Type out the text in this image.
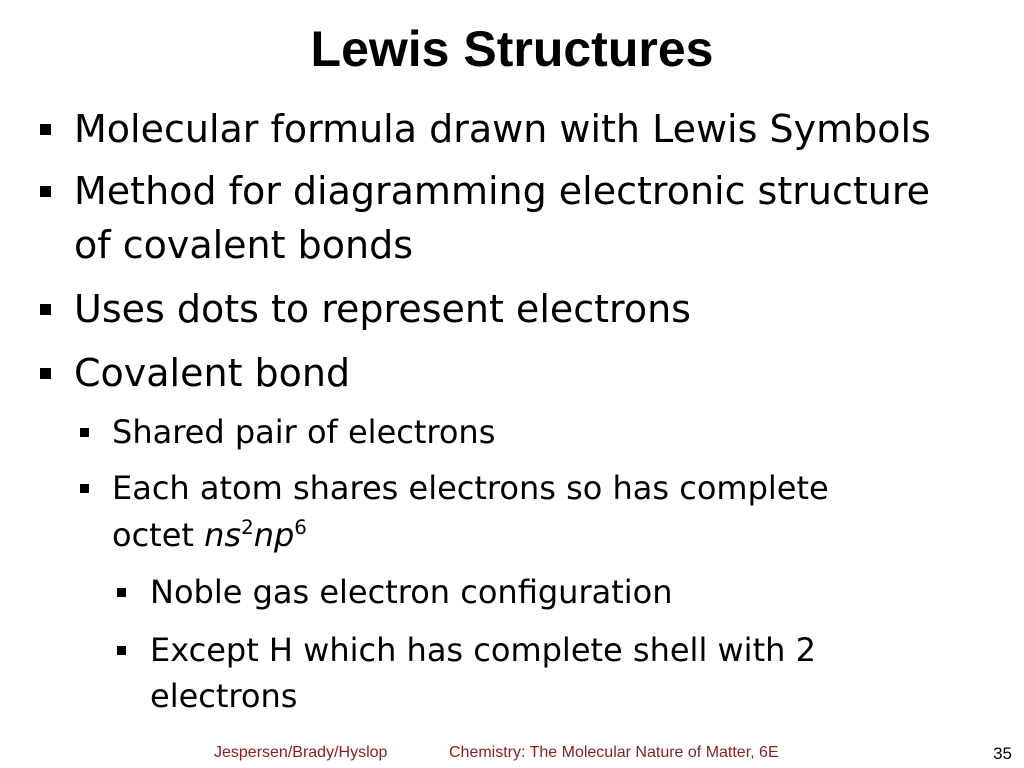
Lewis Structures
Molecular formula drawn with Lewis Symbols
Method for diagramming electronic structure
of covalent bonds
Uses dots to represent electrons
Covalent bond
Shared pair of electrons
Each atom shares electrons so has complete
octet $ns^2np^6$
Noble gas electron configuration
Except H which has complete shell with 2
electrons
Jespersen/Brady/Hyslop	Chemistry: The Molecular Nature of Matter, 6E	35
